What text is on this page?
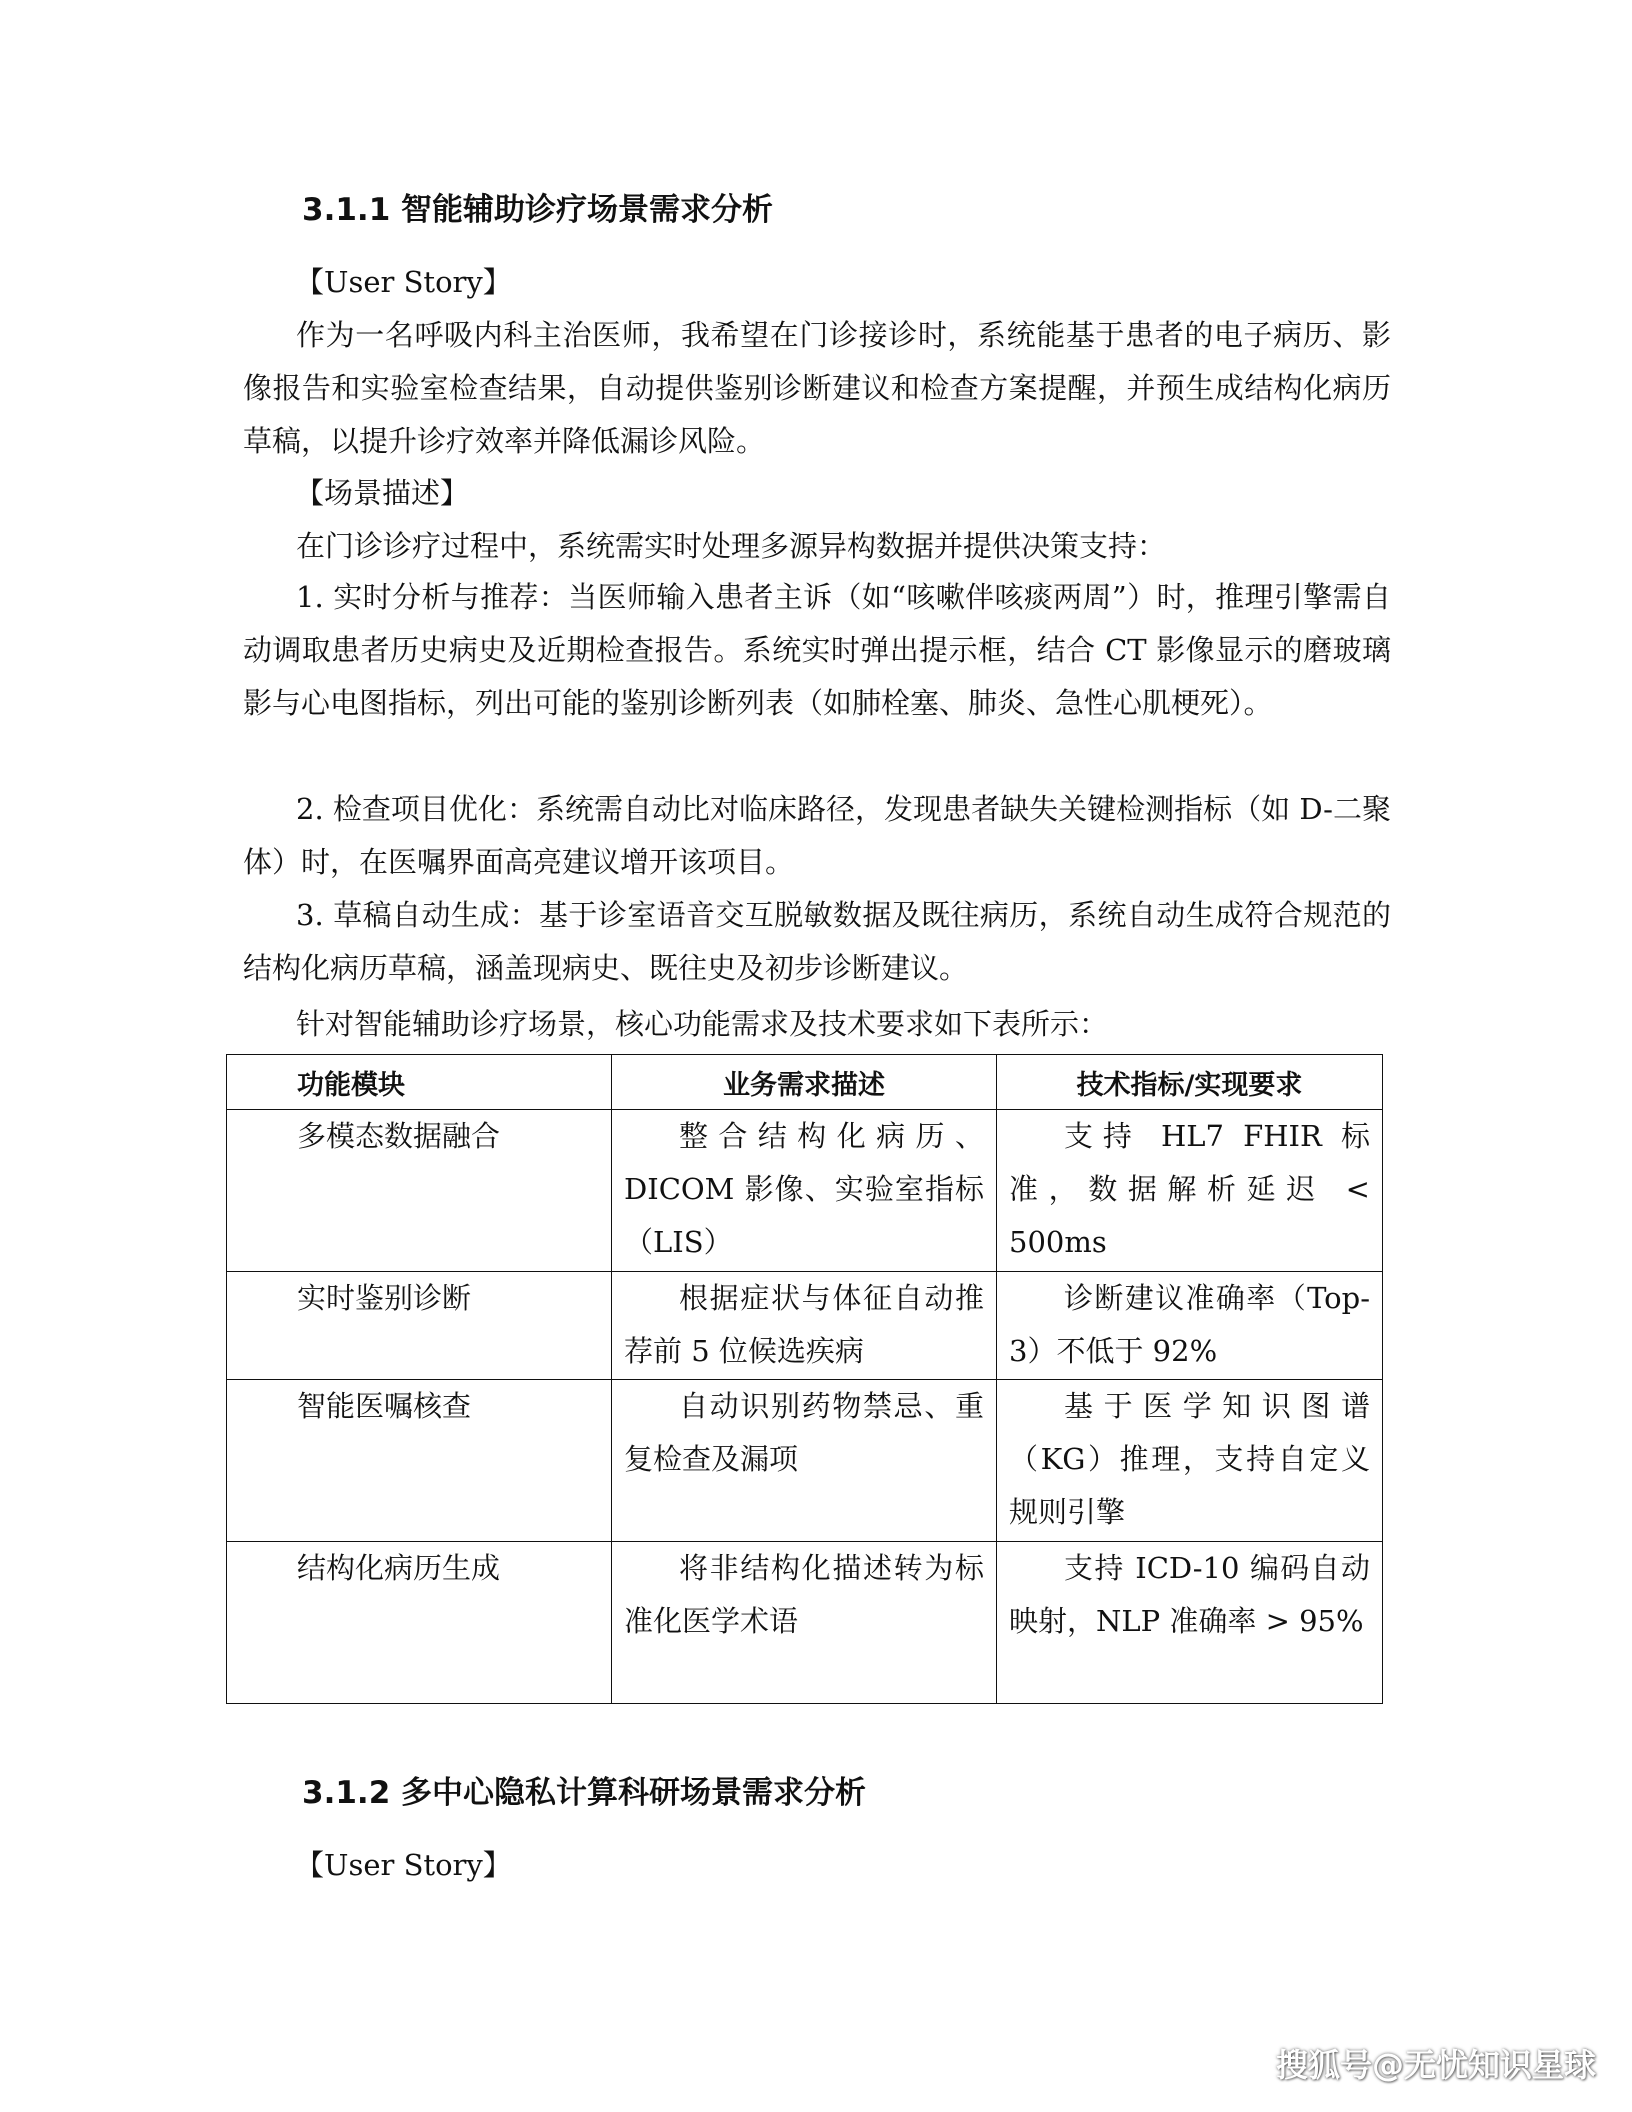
3.1.1 智能辅助诊疗场景需求分析
【User Story】
作为一名呼吸内科主治医师，我希望在门诊接诊时，系统能基于患者的电子病历、影像报告和实验室检查结果，自动提供鉴别诊断建议和检查方案提醒，并预生成结构化病历草稿，以提升诊疗效率并降低漏诊风险。
【场景描述】
在门诊诊疗过程中，系统需实时处理多源异构数据并提供决策支持：
1. 实时分析与推荐：当医师输入患者主诉（如“咳嗽伴咳痰两周”）时，推理引擎需自动调取患者历史病史及近期检查报告。系统实时弹出提示框，结合 CT 影像显示的磨玻璃影与心电图指标，列出可能的鉴别诊断列表（如肺栓塞、肺炎、急性心肌梗死）。
2. 检查项目优化：系统需自动比对临床路径，发现患者缺失关键检测指标（如 D-二聚体）时，在医嘱界面高亮建议增开该项目。
3. 草稿自动生成：基于诊室语音交互脱敏数据及既往病历，系统自动生成符合规范的结构化病历草稿，涵盖现病史、既往史及初步诊断建议。
针对智能辅助诊疗场景，核心功能需求及技术要求如下表所示：
功能模块	业务需求描述	技术指标/实现要求

多模态数据融合	整合结构化病历、DICOM 影像、实验室指标（LIS）	支持 HL7 FHIR 标准，数据解析延迟 < 500ms

实时鉴别诊断	根据症状与体征自动推荐前 5 位候选疾病	诊断建议准确率（Top-3）不低于 92%

智能医嘱核查	自动识别药物禁忌、重复检查及漏项	基于医学知识图谱（KG）推理，支持自定义规则引擎

结构化病历生成	将非结构化描述转为标准化医学术语	支持 ICD-10 编码自动映射，NLP 准确率 > 95%
3.1.2 多中心隐私计算科研场景需求分析
【User Story】
搜狐号@无忧知识星球
